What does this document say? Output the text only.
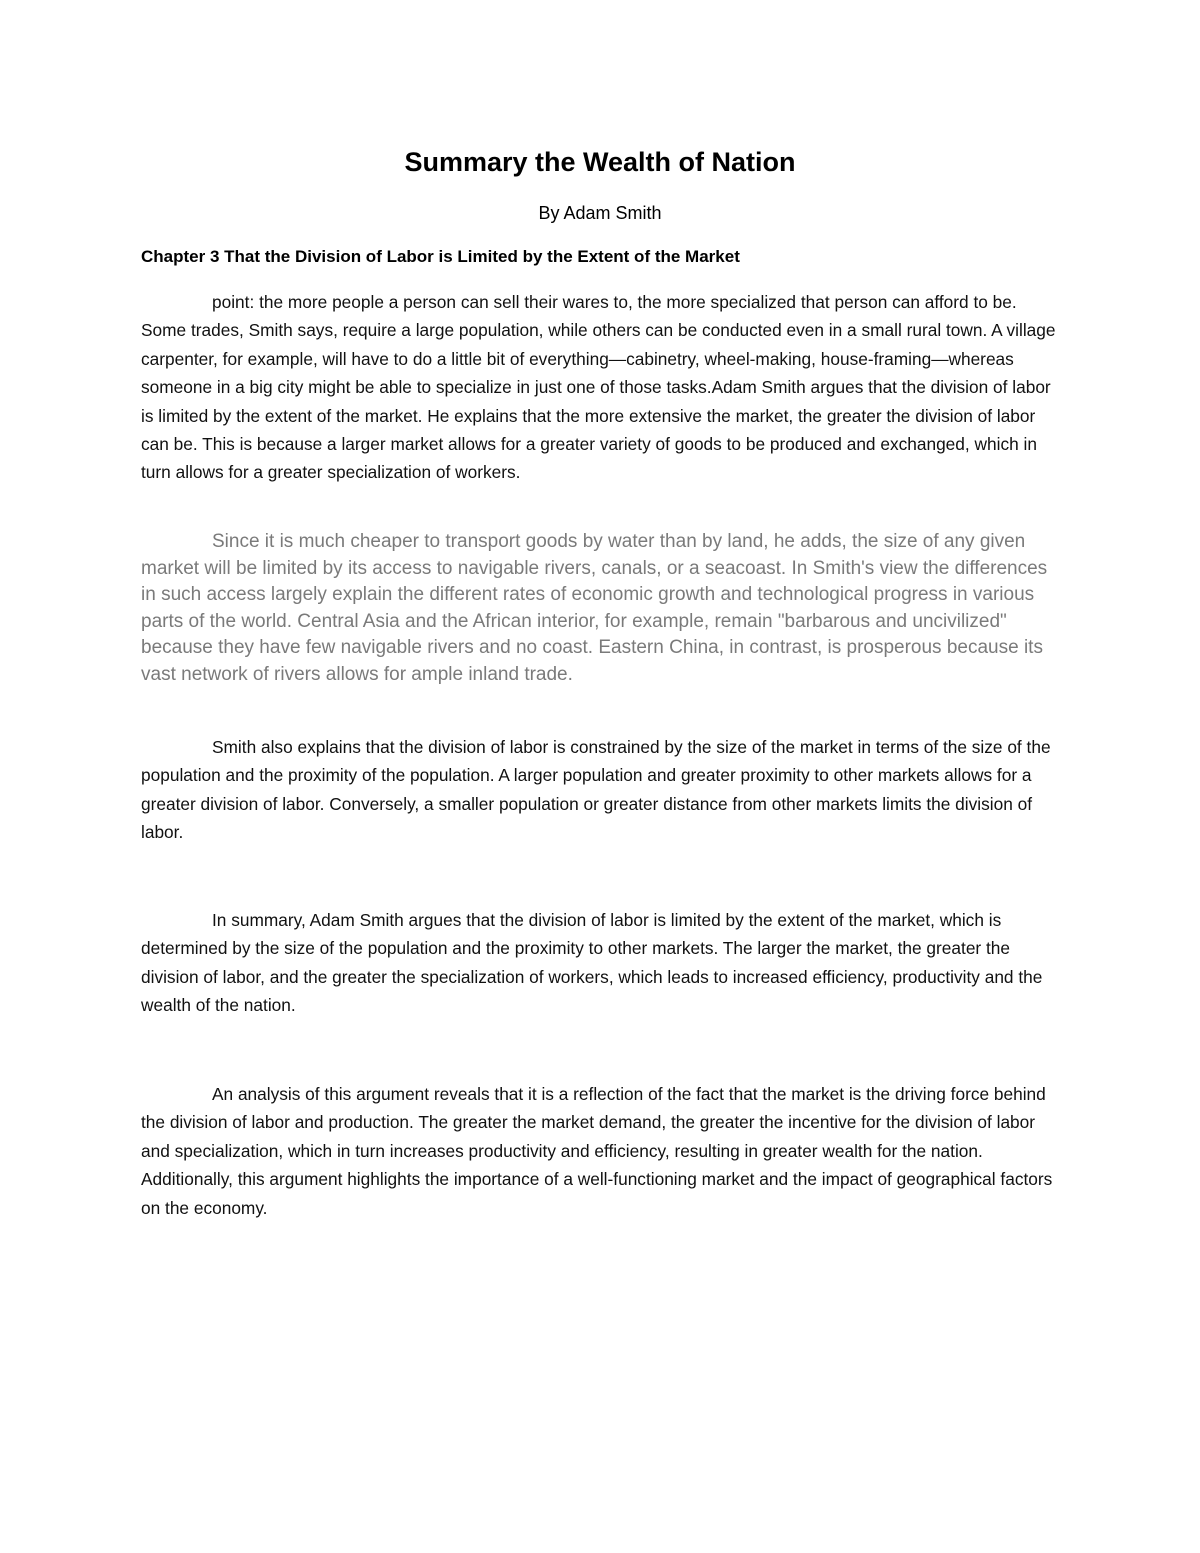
Summary the Wealth of Nation

By Adam Smith

Chapter 3 That the Division of Labor is Limited by the Extent of the Market

point: the more people a person can sell their wares to, the more specialized that person can afford to be. Some trades, Smith says, require a large population, while others can be conducted even in a small rural town. A village carpenter, for example, will have to do a little bit of everything—cabinetry, wheel-making, house-framing—whereas someone in a big city might be able to specialize in just one of those tasks.Adam Smith argues that the division of labor is limited by the extent of the market. He explains that the more extensive the market, the greater the division of labor can be. This is because a larger market allows for a greater variety of goods to be produced and exchanged, which in turn allows for a greater specialization of workers.

Since it is much cheaper to transport goods by water than by land, he adds, the size of any given market will be limited by its access to navigable rivers, canals, or a seacoast. In Smith's view the differences in such access largely explain the different rates of economic growth and technological progress in various parts of the world. Central Asia and the African interior, for example, remain "barbarous and uncivilized" because they have few navigable rivers and no coast. Eastern China, in contrast, is prosperous because its vast network of rivers allows for ample inland trade.

Smith also explains that the division of labor is constrained by the size of the market in terms of the size of the population and the proximity of the population. A larger population and greater proximity to other markets allows for a greater division of labor. Conversely, a smaller population or greater distance from other markets limits the division of labor.

In summary, Adam Smith argues that the division of labor is limited by the extent of the market, which is determined by the size of the population and the proximity to other markets. The larger the market, the greater the division of labor, and the greater the specialization of workers, which leads to increased efficiency, productivity and the wealth of the nation.

An analysis of this argument reveals that it is a reflection of the fact that the market is the driving force behind the division of labor and production. The greater the market demand, the greater the incentive for the division of labor and specialization, which in turn increases productivity and efficiency, resulting in greater wealth for the nation. Additionally, this argument highlights the importance of a well-functioning market and the impact of geographical factors on the economy.
